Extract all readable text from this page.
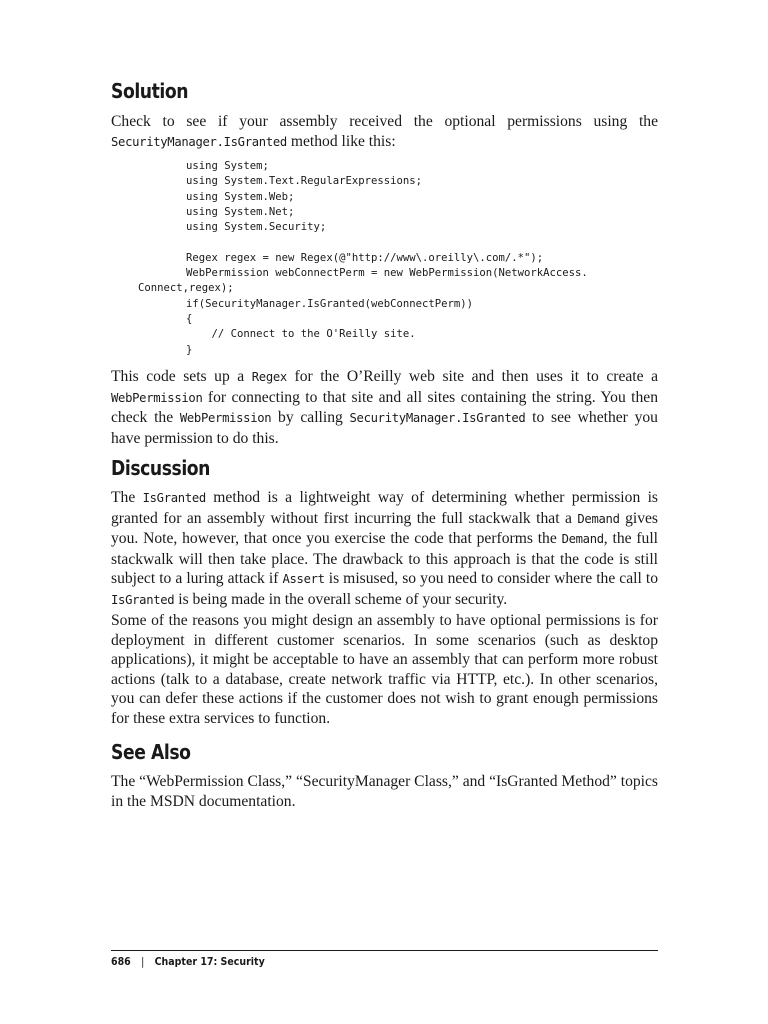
Solution
Check to see if your assembly received the optional permissions using the SecurityManager.IsGranted method like this:
using System;
using System.Text.RegularExpressions;
using System.Web;
using System.Net;
using System.Security;
Regex regex = new Regex(@"http://www\.oreilly\.com/.*");
WebPermission webConnectPerm = new WebPermission(NetworkAccess.
Connect,regex);
if(SecurityManager.IsGranted(webConnectPerm))
{
// Connect to the O'Reilly site.
}
This code sets up a Regex for the O’Reilly web site and then uses it to create a WebPermission for connecting to that site and all sites containing the string. You then check the WebPermission by calling SecurityManager.IsGranted to see whether you have permission to do this.
Discussion
The IsGranted method is a lightweight way of determining whether permission is granted for an assembly without first incurring the full stackwalk that a Demand gives you. Note, however, that once you exercise the code that performs the Demand, the full stackwalk will then take place. The drawback to this approach is that the code is still subject to a luring attack if Assert is misused, so you need to consider where the call to IsGranted is being made in the overall scheme of your security.
Some of the reasons you might design an assembly to have optional permissions is for deployment in different customer scenarios. In some scenarios (such as desktop applications), it might be acceptable to have an assembly that can perform more robust actions (talk to a database, create network traffic via HTTP, etc.). In other scenarios, you can defer these actions if the customer does not wish to grant enough permissions for these extra services to function.
See Also
The “WebPermission Class,” “SecurityManager Class,” and “IsGranted Method” topics in the MSDN documentation.
686 | Chapter 17: Security
